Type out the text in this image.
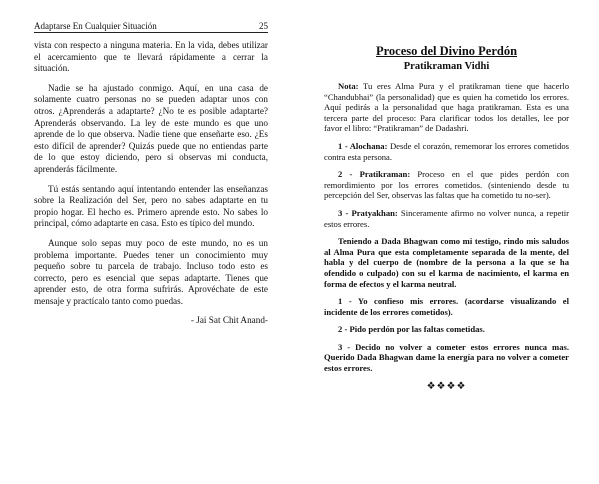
Adaptarse En Cualquier Situación	25

vista con respecto a ninguna materia. En la vida, debes utilizar el acercamiento que te llevará rápidamente a cerrar la situación.

Nadie se ha ajustado conmigo. Aquí, en una casa de solamente cuatro personas no se pueden adaptar unos con otros. ¿Aprenderás a adaptarte? ¿No te es posible adaptarte? Aprenderás observando. La ley de este mundo es que uno aprende de lo que observa. Nadie tiene que enseñarte eso. ¿Es esto difícil de aprender? Quizás puede que no entiendas parte de lo que estoy diciendo, pero si observas mi conducta, aprenderás fácilmente.

Tú estás sentando aquí intentando entender las enseñanzas sobre la Realización del Ser, pero no sabes adaptarte en tu propio hogar. El hecho es. Primero aprende esto. No sabes lo principal, cómo adaptarte en casa. Esto es típico del mundo.

Aunque solo sepas muy poco de este mundo, no es un problema importante. Puedes tener un conocimiento muy pequeño sobre tu parcela de trabajo. Incluso todo esto es correcto, pero es esencial que sepas adaptarte. Tienes que aprender esto, de otra forma sufrirás. Aprovéchate de este mensaje y practícalo tanto como puedas.

- Jai Sat Chit Anand-

Proceso del Divino Perdón
Pratikraman Vidhi

Nota: Tu eres Alma Pura y el pratikraman tiene que hacerlo “Chandubhai” (la personalidad) que es quien ha cometido los errores. Aquí pedirás a la personalidad que haga pratikraman. Esta es una tercera parte del proceso: Para clarificar todos los detalles, lee por favor el libro: “Pratikraman” de Dadashri.

1 - Alochana: Desde el corazón, rememorar los errores cometidos contra esta persona.

2 - Pratikraman: Proceso en el que pides perdón con remordimiento por los errores cometidos. (sinteniendo desde tu percepción del Ser, observas las faltas que ha cometido tu no-ser).

3 - Pratyakhan: Sinceramente afirmo no volver nunca, a repetir estos errores.

Teniendo a Dada Bhagwan como mi testigo, rindo mis saludos al Alma Pura que esta completamente separada de la mente, del habla y del cuerpo de (nombre de la persona a la que se ha ofendido o culpado) con su el karma de nacimiento, el karma en forma de efectos y el karma neutral.

1 - Yo confieso mis errores. (acordarse visualizando el incidente de los errores cometidos).

2 - Pido perdón por las faltas cometidas.

3 - Decido no volver a cometer estos errores nunca mas. Querido Dada Bhagwan dame la energía para no volver a cometer estos errores.

❖❖❖❖
